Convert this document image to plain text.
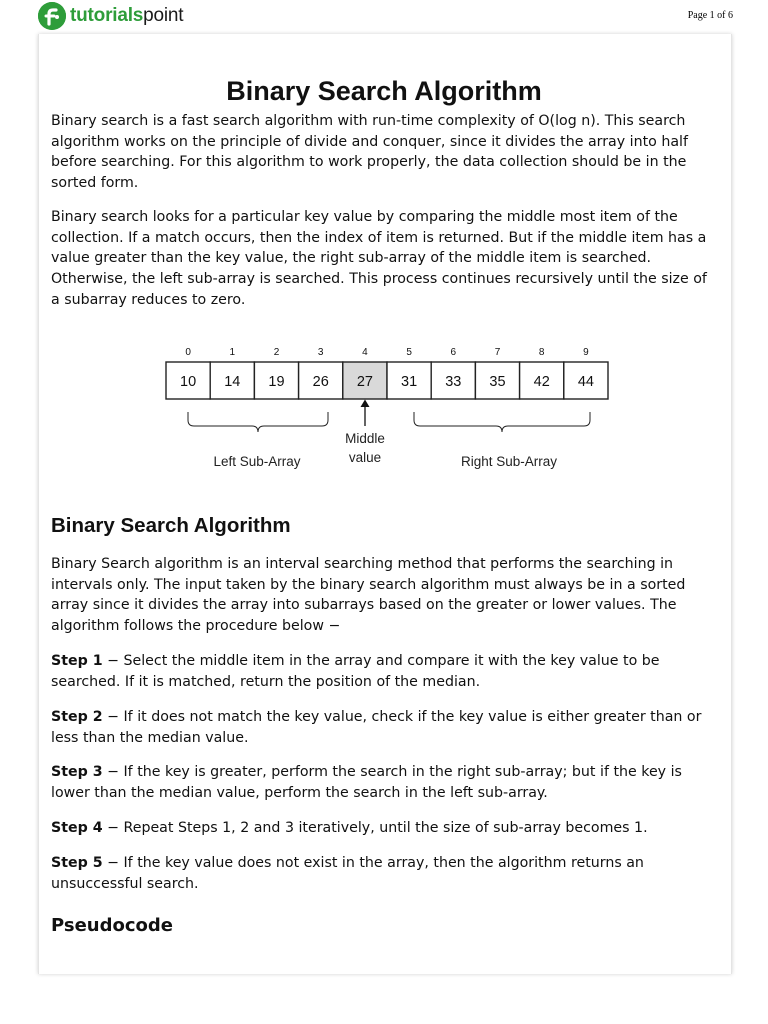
tutorialspoint	Page 1 of 6
Binary Search Algorithm

Binary search is a fast search algorithm with run-time complexity of Ο(log n). This search algorithm works on the principle of divide and conquer, since it divides the array into half before searching. For this algorithm to work properly, the data collection should be in the sorted form.

Binary search looks for a particular key value by comparing the middle most item of the collection. If a match occurs, then the index of item is returned. But if the middle item has a value greater than the key value, the right sub-array of the middle item is searched. Otherwise, the left sub-array is searched. This process continues recursively until the size of a subarray reduces to zero.

0	1	2	3	4	5	6	7	8	9
10 14 19 26 27 31 33 35 42 44
Middle
value
Left Sub-Array	Right Sub-Array
Binary Search Algorithm

Binary Search algorithm is an interval searching method that performs the searching in intervals only. The input taken by the binary search algorithm must always be in a sorted array since it divides the array into subarrays based on the greater or lower values. The algorithm follows the procedure below −

Step 1 − Select the middle item in the array and compare it with the key value to be searched. If it is matched, return the position of the median.

Step 2 − If it does not match the key value, check if the key value is either greater than or less than the median value.

Step 3 − If the key is greater, perform the search in the right sub-array; but if the key is lower than the median value, perform the search in the left sub-array.

Step 4 − Repeat Steps 1, 2 and 3 iteratively, until the size of sub-array becomes 1.

Step 5 − If the key value does not exist in the array, then the algorithm returns an unsuccessful search.

Pseudocode
